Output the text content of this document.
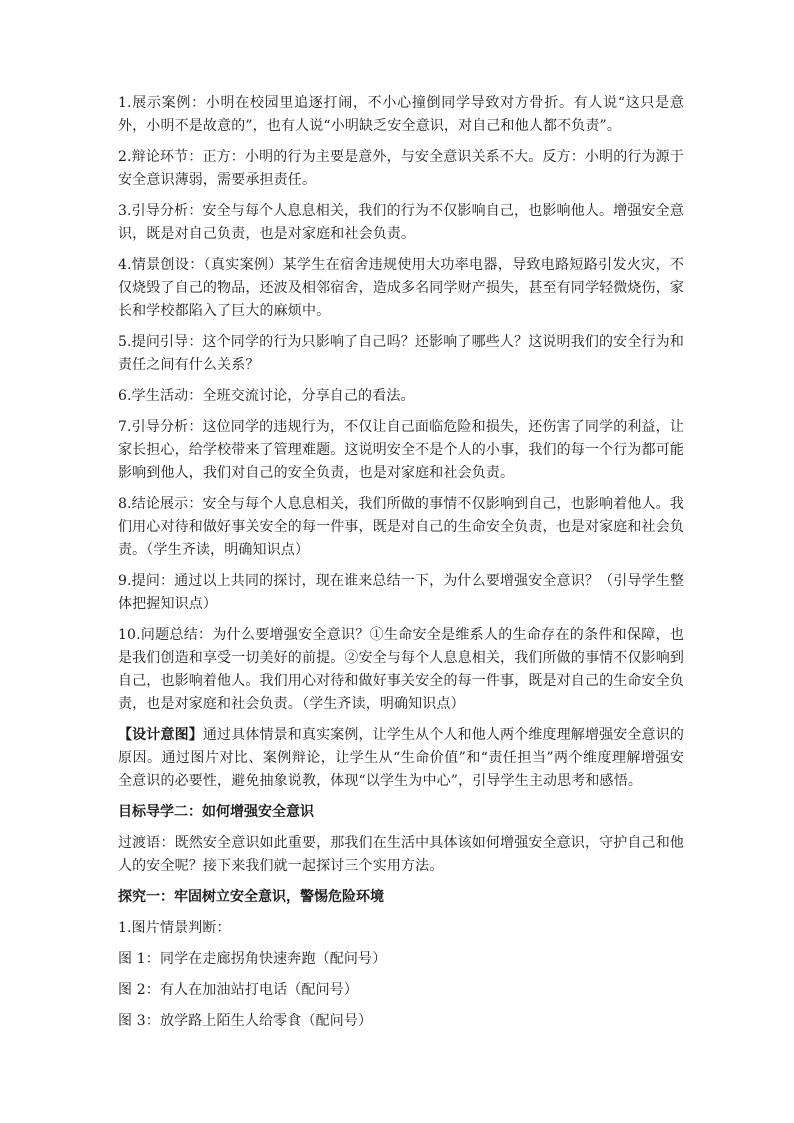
1.展示案例：小明在校园里追逐打闹，不小心撞倒同学导致对方骨折。有人说“这只是意外，小明不是故意的”，也有人说“小明缺乏安全意识，对自己和他人都不负责”。

2.辩论环节：正方：小明的行为主要是意外，与安全意识关系不大。反方：小明的行为源于安全意识薄弱，需要承担责任。

3.引导分析：安全与每个人息息相关，我们的行为不仅影响自己，也影响他人。增强安全意识，既是对自己负责，也是对家庭和社会负责。

4.情景创设：（真实案例）某学生在宿舍违规使用大功率电器，导致电路短路引发火灾，不仅烧毁了自己的物品，还波及相邻宿舍，造成多名同学财产损失，甚至有同学轻微烧伤，家长和学校都陷入了巨大的麻烦中。

5.提问引导：这个同学的行为只影响了自己吗？还影响了哪些人？这说明我们的安全行为和责任之间有什么关系？

6.学生活动：全班交流讨论，分享自己的看法。

7.引导分析：这位同学的违规行为，不仅让自己面临危险和损失，还伤害了同学的利益，让家长担心，给学校带来了管理难题。这说明安全不是个人的小事，我们的每一个行为都可能影响到他人，我们对自己的安全负责，也是对家庭和社会负责。

8.结论展示：安全与每个人息息相关，我们所做的事情不仅影响到自己，也影响着他人。我们用心对待和做好事关安全的每一件事，既是对自己的生命安全负责，也是对家庭和社会负责。（学生齐读，明确知识点）

9.提问：通过以上共同的探讨，现在谁来总结一下，为什么要增强安全意识？（引导学生整体把握知识点）

10.问题总结：为什么要增强安全意识？①生命安全是维系人的生命存在的条件和保障，也是我们创造和享受一切美好的前提。②安全与每个人息息相关，我们所做的事情不仅影响到自己，也影响着他人。我们用心对待和做好事关安全的每一件事，既是对自己的生命安全负责，也是对家庭和社会负责。（学生齐读，明确知识点）

【设计意图】通过具体情景和真实案例，让学生从个人和他人两个维度理解增强安全意识的原因。通过图片对比、案例辩论，让学生从“生命价值”和“责任担当”两个维度理解增强安全意识的必要性，避免抽象说教，体现“以学生为中心”，引导学生主动思考和感悟。

目标导学二：如何增强安全意识

过渡语：既然安全意识如此重要，那我们在生活中具体该如何增强安全意识，守护自己和他人的安全呢？接下来我们就一起探讨三个实用方法。

探究一：牢固树立安全意识，警惕危险环境

1.图片情景判断：

图 1：同学在走廊拐角快速奔跑（配问号）

图 2：有人在加油站打电话（配问号）

图 3：放学路上陌生人给零食（配问号）
